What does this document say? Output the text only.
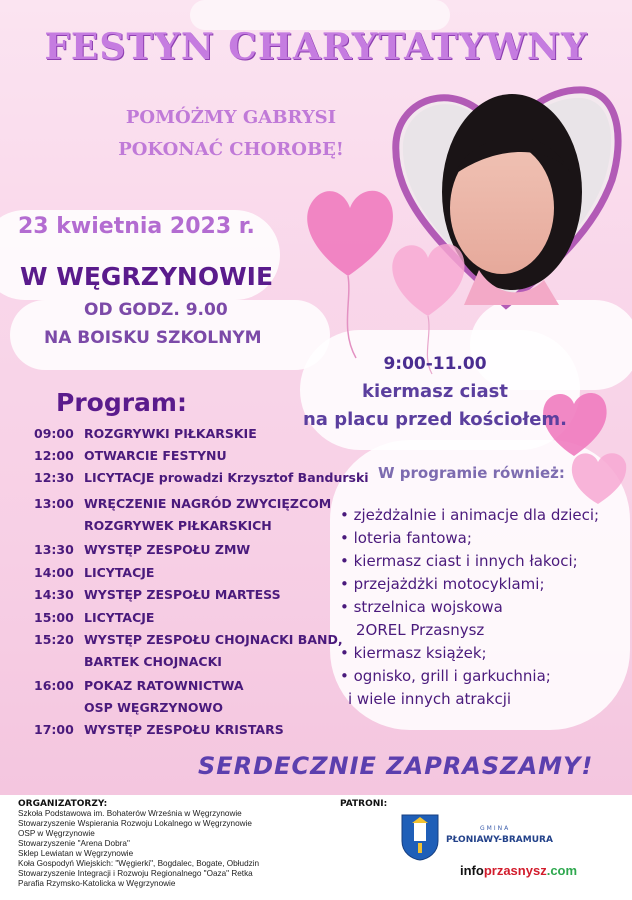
FESTYN CHARYTATYWNY
POMÓŻMY GABRYSI
POKONAĆ CHOROBĘ!
23 kwietnia 2023 r.
W WĘGRZYNOWIE
OD GODZ. 9.00
NA BOISKU SZKOLNYM
9:00-11.00
kiermasz ciast
na placu przed kościołem.
Program:
09:00 ROZGRYWKI PIŁKARSKIE
12:00 OTWARCIE FESTYNU
12:30 LICYTACJE prowadzi Krzysztof Bandurski
13:00 WRĘCZENIE NAGRÓD ZWYCIĘZCOM
ROZGRYWEK PIŁKARSKICH
13:30 WYSTĘP ZESPOŁU ZMW
14:00 LICYTACJE
14:30 WYSTĘP ZESPOŁU MARTESS
15:00 LICYTACJE
15:20 WYSTĘP ZESPOŁU CHOJNACKI BAND,
BARTEK CHOJNACKI
16:00 POKAZ RATOWNICTWA
OSP WĘGRZYNOWO
17:00 WYSTĘP ZESPOŁU KRISTARS
W programie również:
• zjeżdżalnie i animacje dla dzieci;
• loteria fantowa;
• kiermasz ciast i innych łakoci;
• przejażdżki motocyklami;
• strzelnica wojskowa
2OREL Przasnysz
• kiermasz książek;
• ognisko, grill i garkuchnia;
i wiele innych atrakcji
SERDECZNIE ZAPRASZAMY!
ORGANIZATORZY:
Szkoła Podstawowa im. Bohaterów Września w Węgrzynowie
Stowarzyszenie Wspierania Rozwoju Lokalnego w Węgrzynowie
OSP w Węgrzynowie
Stowarzyszenie "Arena Dobra"
Sklep Lewiatan w Węgrzynowie
Koła Gospodyń Wiejskich: "Węgierki", Bogdalec, Bogate, Obłudzin
Stowarzyszenie Integracji i Rozwoju Regionalnego "Oaza" Retka
Parafia Rzymsko-Katolicka w Węgrzynowie
PATRONI:
GMINA
PŁONIAWY-BRAMURA
infoprzasnysz.com
